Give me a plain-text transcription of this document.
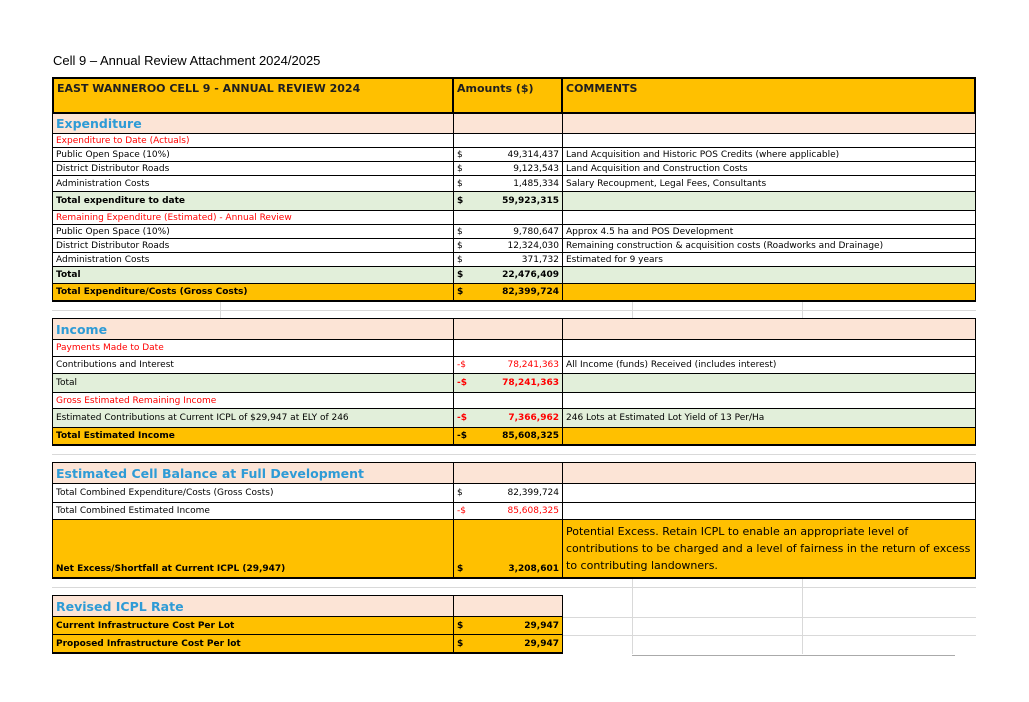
Cell 9 – Annual Review Attachment 2024/2025
EAST WANNEROO CELL 9 - ANNUAL REVIEW 2024	Amounts ($)	COMMENTS
Expenditure
Expenditure to Date (Actuals)
Public Open Space (10%)	$	49,314,437 Land Acquisition and Historic POS Credits (where applicable)
District Distributor Roads	$	9,123,543 Land Acquisition and Construction Costs
Administration Costs	$	1,485,334 Salary Recoupment, Legal Fees, Consultants
Total expenditure to date	$	59,923,315
Remaining Expenditure (Estimated) - Annual Review
Public Open Space (10%)	$	9,780,647 Approx 4.5 ha and POS Development
District Distributor Roads	$	12,324,030 Remaining construction & acquisition costs (Roadworks and Drainage)
Administration Costs	$	371,732 Estimated for 9 years
Total	$	22,476,409
Total Expenditure/Costs (Gross Costs)	$	82,399,724
Income
Payments Made to Date
Contributions and Interest	-$	78,241,363 All Income (funds) Received (includes interest)
Total	-$	78,241,363
Gross Estimated Remaining Income
Estimated Contributions at Current ICPL of $29,947 at ELY of 246	-$	7,366,962 246 Lots at Estimated Lot Yield of 13 Per/Ha
Total Estimated Income	-$	85,608,325
Estimated Cell Balance at Full Development
Total Combined Expenditure/Costs (Gross Costs)	$	82,399,724
Total Combined Estimated Income	-$	85,608,325
Net Excess/Shortfall at Current ICPL (29,947)	$	3,208,601
Potential Excess. Retain ICPL to enable an appropriate level of contributions to be charged and a level of fairness in the return of excess to contributing landowners.
Revised ICPL Rate
Current Infrastructure Cost Per Lot	$	29,947
Proposed Infrastructure Cost Per lot	$	29,947
